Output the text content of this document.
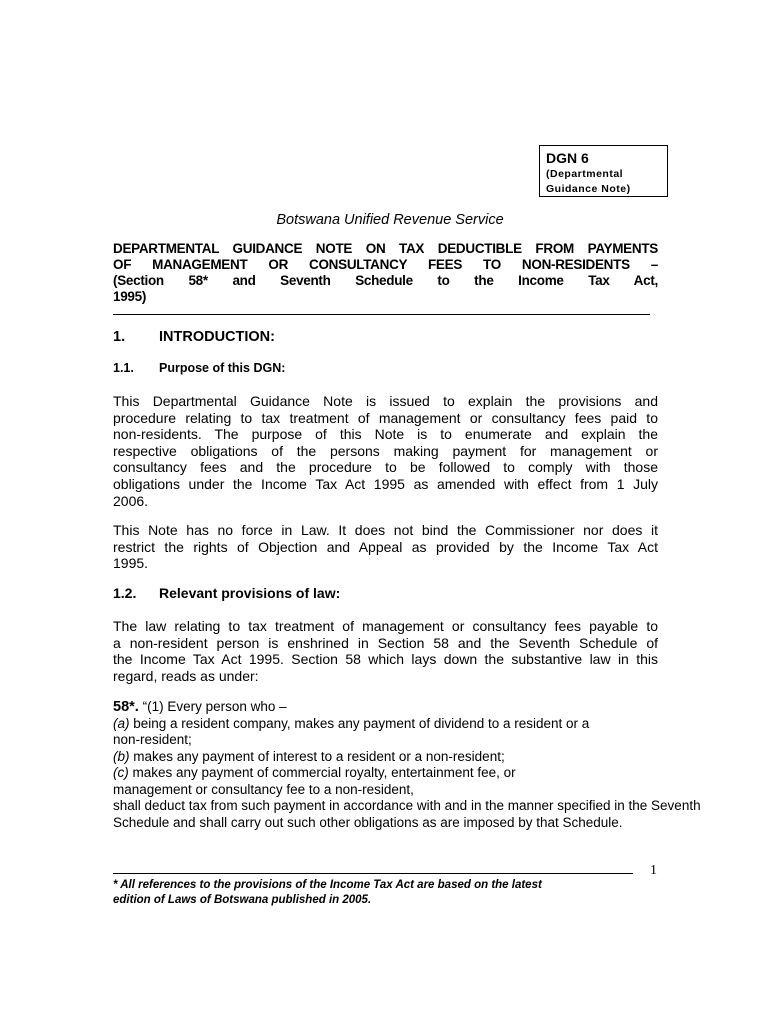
DGN 6
(Departmental
Guidance Note)
Botswana Unified Revenue Service
DEPARTMENTAL GUIDANCE NOTE ON TAX DEDUCTIBLE FROM PAYMENTS
OF MANAGEMENT OR CONSULTANCY FEES TO NON-RESIDENTS –
(Section 58* and Seventh Schedule to the Income Tax Act,
1995)
1. INTRODUCTION:
1.1. Purpose of this DGN:
This Departmental Guidance Note is issued to explain the provisions and
procedure relating to tax treatment of management or consultancy fees paid to
non-residents. The purpose of this Note is to enumerate and explain the
respective obligations of the persons making payment for management or
consultancy fees and the procedure to be followed to comply with those
obligations under the Income Tax Act 1995 as amended with effect from 1 July
2006.
This Note has no force in Law. It does not bind the Commissioner nor does it
restrict the rights of Objection and Appeal as provided by the Income Tax Act
1995.
1.2. Relevant provisions of law:
The law relating to tax treatment of management or consultancy fees payable to
a non-resident person is enshrined in Section 58 and the Seventh Schedule of
the Income Tax Act 1995. Section 58 which lays down the substantive law in this
regard, reads as under:
58*. “(1) Every person who –
(a) being a resident company, makes any payment of dividend to a resident or a
non-resident;
(b) makes any payment of interest to a resident or a non-resident;
(c) makes any payment of commercial royalty, entertainment fee, or
management or consultancy fee to a non-resident,
shall deduct tax from such payment in accordance with and in the manner specified in the Seventh
Schedule and shall carry out such other obligations as are imposed by that Schedule.
1
* All references to the provisions of the Income Tax Act are based on the latest
edition of Laws of Botswana published in 2005.
